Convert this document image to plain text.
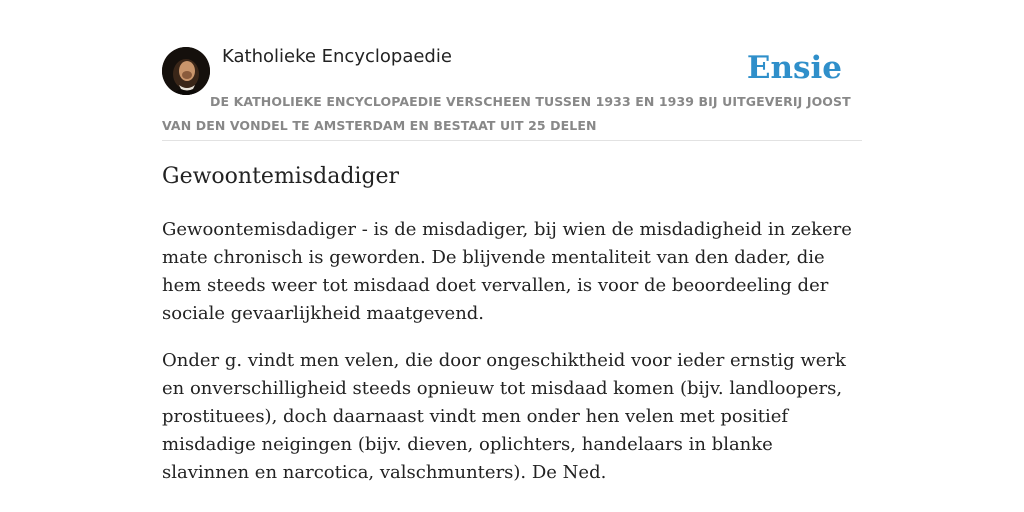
Katholieke Encyclopaedie	Ensie
DE KATHOLIEKE ENCYCLOPAEDIE VERSCHEEN TUSSEN 1933 EN 1939 BIJ UITGEVERIJ JOOST VAN DEN VONDEL TE AMSTERDAM EN BESTAAT UIT 25 DELEN
Gewoontemisdadiger

Gewoontemisdadiger - is de misdadiger, bij wien de misdadigheid in zekere mate chronisch is geworden. De blijvende mentaliteit van den dader, die hem steeds weer tot misdaad doet vervallen, is voor de beoordeeling der sociale gevaarlijkheid maatgevend.

Onder g. vindt men velen, die door ongeschiktheid voor ieder ernstig werk en onverschilligheid steeds opnieuw tot misdaad komen (bijv. landloopers, prostituees), doch daarnaast vindt men onder hen velen met positief misdadige neigingen (bijv. dieven, oplichters, handelaars in blanke slavinnen en narcotica, valschmunters). De Ned.
